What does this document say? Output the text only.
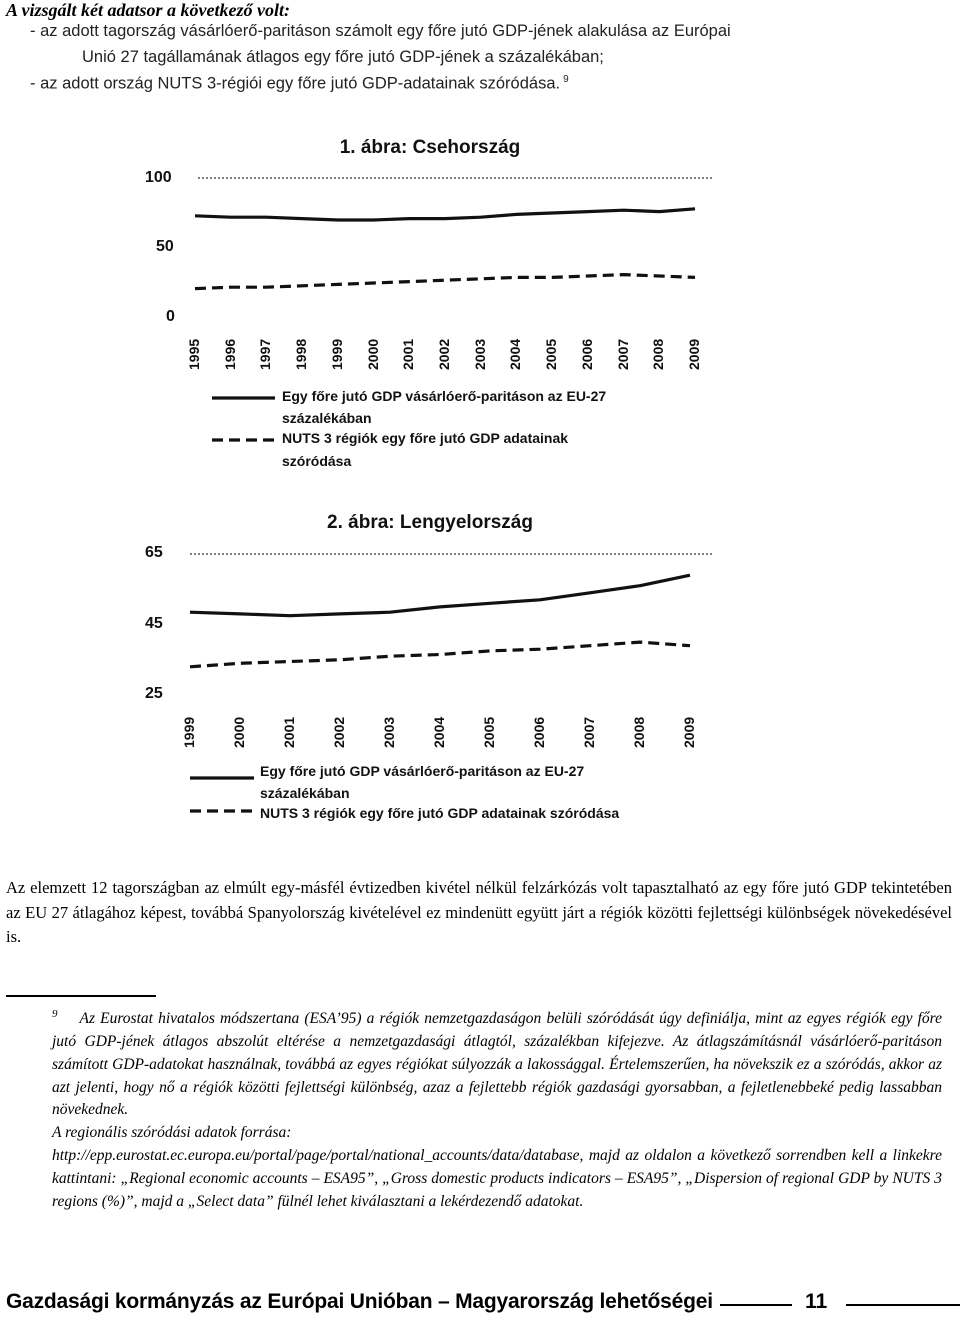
A vizsgált két adatsor a következő volt:
- az adott tagország vásárlóerő-paritáson számolt egy főre jutó GDP-jének alakulása az Európai
Unió 27 tagállamának átlagos egy főre jutó GDP-jének a százalékában;
- az adott ország NUTS 3-régiói egy főre jutó GDP-adatainak szóródása. $^9$
1. ábra: Csehország
100
50
0
1995 1996 1997 1998 1999 2000 2001 2002 2003 2004 2005 2006 2007 2008 2009
Egy főre jutó GDP vásárlóerő-paritáson az EU-27
százalékában
NUTS 3 régiók egy főre jutó GDP adatainak
szóródása
2. ábra: Lengyelország
65
45
25
1999 2000 2001 2002 2003 2004 2005 2006 2007 2008 2009
Egy főre jutó GDP vásárlóerő-paritáson az EU-27
százalékában
NUTS 3 régiók egy főre jutó GDP adatainak szóródása
Az elemzett 12 tagországban az elmúlt egy-másfél évtizedben kivétel nélkül felzárkózás volt tapasztalható az egy főre jutó GDP tekintetében az EU 27 átlagához képest, továbbá Spanyolország kivételével ez mindenütt együtt járt a régiók közötti fejlettségi különbségek növekedésével is.
$^9$ Az Eurostat hivatalos módszertana (ESA’95) a régiók nemzetgazdaságon belüli szóródását úgy definiálja, mint az egyes régiók egy főre jutó GDP-jének átlagos abszolút eltérése a nemzetgazdasági átlagtól, százalékban kifejezve. Az átlagszámításnál vásárlóerő-paritáson számított GDP-adatokat használnak, továbbá az egyes régiókat súlyozzák a lakossággal. Értelemszerűen, ha növekszik ez a szóródás, akkor az azt jelenti, hogy nő a régiók közötti fejlettségi különbség, azaz a fejlettebb régiók gazdasági gyorsabban, a fejletlenebbeké pedig lassabban növekednek.
A regionális szóródási adatok forrása:
http://epp.eurostat.ec.europa.eu/portal/page/portal/national_accounts/data/database, majd az oldalon a következő sorrendben kell a linkekre kattintani: „Regional economic accounts – ESA95”, „Gross domestic products indicators – ESA95”, „Dispersion of regional GDP by NUTS 3 regions (%)”, majd a „Select data” fülnél lehet kiválasztani a lekérdezendő adatokat.
Gazdasági kormányzás az Európai Unióban – Magyarország lehetőségei	11
